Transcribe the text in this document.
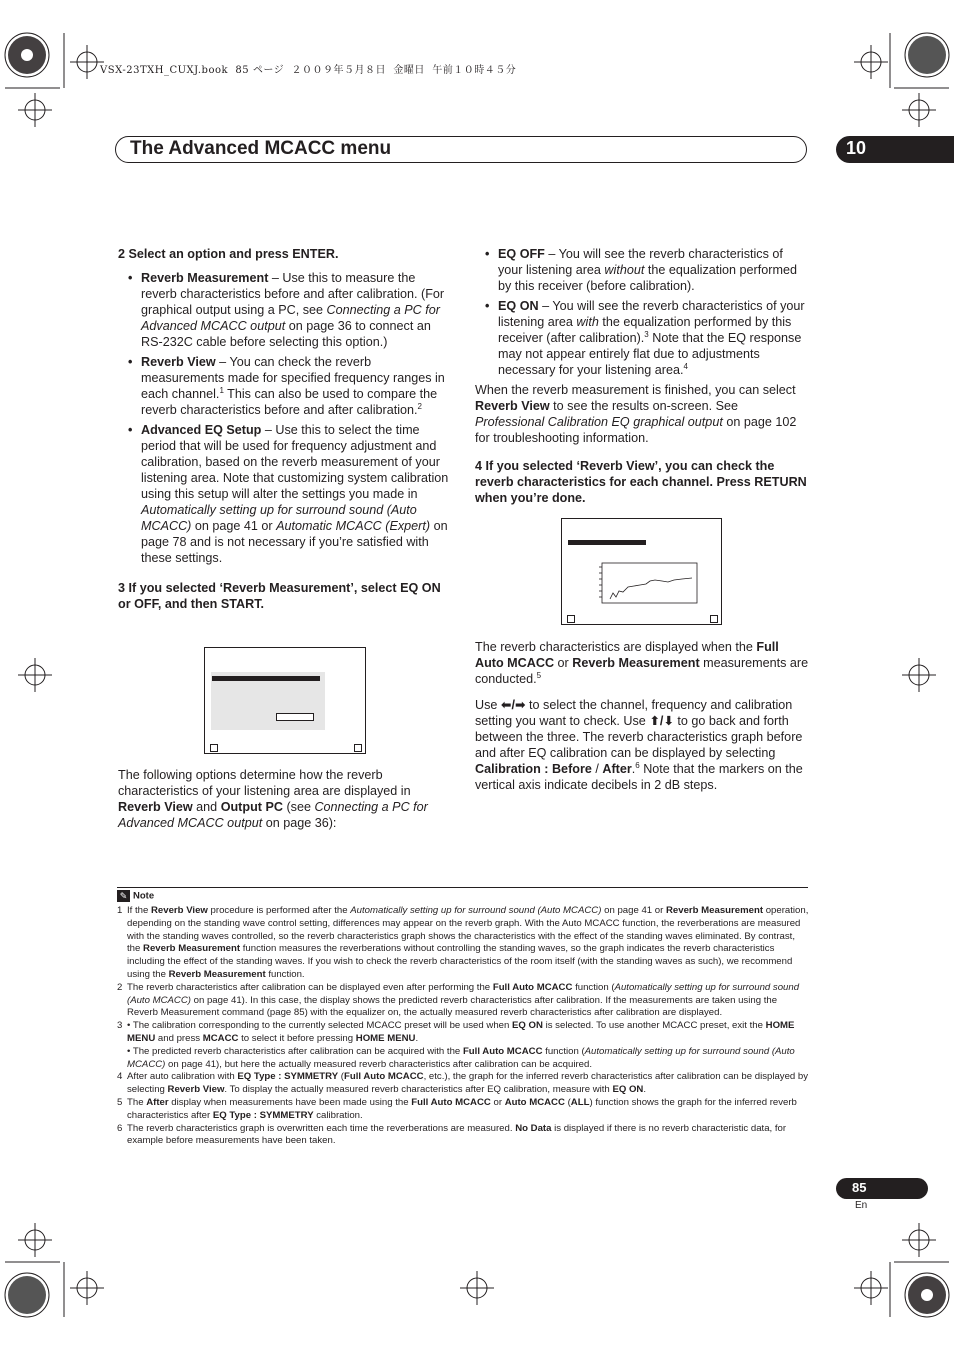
VSX-23TXH_CUXJ.book  85 ページ  ２００９年５月８日  金曜日  午前１０時４５分
The Advanced MCACC menu	10

2 Select an option and press ENTER.

• Reverb Measurement – Use this to measure the reverb characteristics before and after calibration. (For graphical output using a PC, see Connecting a PC for Advanced MCACC output on page 36 to connect an RS-232C cable before selecting this option.)
• Reverb View – You can check the reverb measurements made for specified frequency ranges in each channel.$^1$ This can also be used to compare the reverb characteristics before and after calibration.$^2$
• Advanced EQ Setup – Use this to select the time period that will be used for frequency adjustment and calibration, based on the reverb measurement of your listening area. Note that customizing system calibration using this setup will alter the settings you made in Automatically setting up for surround sound (Auto MCACC) on page 41 or Automatic MCACC (Expert) on page 78 and is not necessary if you’re satisfied with these settings.

3 If you selected ‘Reverb Measurement’, select EQ ON or OFF, and then START.

The following options determine how the reverb characteristics of your listening area are displayed in Reverb View and Output PC (see Connecting a PC for Advanced MCACC output on page 36):

• EQ OFF – You will see the reverb characteristics of your listening area without the equalization performed by this receiver (before calibration).
• EQ ON – You will see the reverb characteristics of your listening area with the equalization performed by this receiver (after calibration).$^3$ Note that the EQ response may not appear entirely flat due to adjustments necessary for your listening area.$^4$

When the reverb measurement is finished, you can select Reverb View to see the results on-screen. See Professional Calibration EQ graphical output on page 102 for troubleshooting information.

4 If you selected ‘Reverb View’, you can check the reverb characteristics for each channel. Press RETURN when you’re done.

The reverb characteristics are displayed when the Full Auto MCACC or Reverb Measurement measurements are conducted.$^5$

Use ⬅/➡ to select the channel, frequency and calibration setting you want to check. Use ⬆/⬇ to go back and forth between the three. The reverb characteristics graph before and after EQ calibration can be displayed by selecting Calibration : Before / After.$^6$ Note that the markers on the vertical axis indicate decibels in 2 dB steps.

✎ Note
1 If the Reverb View procedure is performed after the Automatically setting up for surround sound (Auto MCACC) on page 41 or Reverb Measurement operation, depending on the standing wave control setting, differences may appear on the reverb graph. With the Auto MCACC function, the reverberations are measured with the standing waves controlled, so the reverb characteristics graph shows the characteristics with the effect of the standing waves eliminated. By contrast, the Reverb Measurement function measures the reverberations without controlling the standing waves, so the graph indicates the reverb characteristics including the effect of the standing waves. If you wish to check the reverb characteristics of the room itself (with the standing waves as such), we recommend using the Reverb Measurement function.
2 The reverb characteristics after calibration can be displayed even after performing the Full Auto MCACC function (Automatically setting up for surround sound (Auto MCACC) on page 41). In this case, the display shows the predicted reverb characteristics after calibration. If the measurements are taken using the Reverb Measurement command (page 85) with the equalizer on, the actually measured reverb characteristics after calibration are displayed.
3 • The calibration corresponding to the currently selected MCACC preset will be used when EQ ON is selected. To use another MCACC preset, exit the HOME MENU and press MCACC to select it before pressing HOME MENU.
• The predicted reverb characteristics after calibration can be acquired with the Full Auto MCACC function (Automatically setting up for surround sound (Auto MCACC) on page 41), but here the actually measured reverb characteristics after calibration can be acquired.
4 After auto calibration with EQ Type : SYMMETRY (Full Auto MCACC, etc.), the graph for the inferred reverb characteristics after calibration can be displayed by selecting Reverb View. To display the actually measured reverb characteristics after EQ calibration, measure with EQ ON.
5 The After display when measurements have been made using the Full Auto MCACC or Auto MCACC (ALL) function shows the graph for the inferred reverb characteristics after EQ Type : SYMMETRY calibration.
6 The reverb characteristics graph is overwritten each time the reverberations are measured. No Data is displayed if there is no reverb characteristic data, for example before measurements have been taken.
85
En
